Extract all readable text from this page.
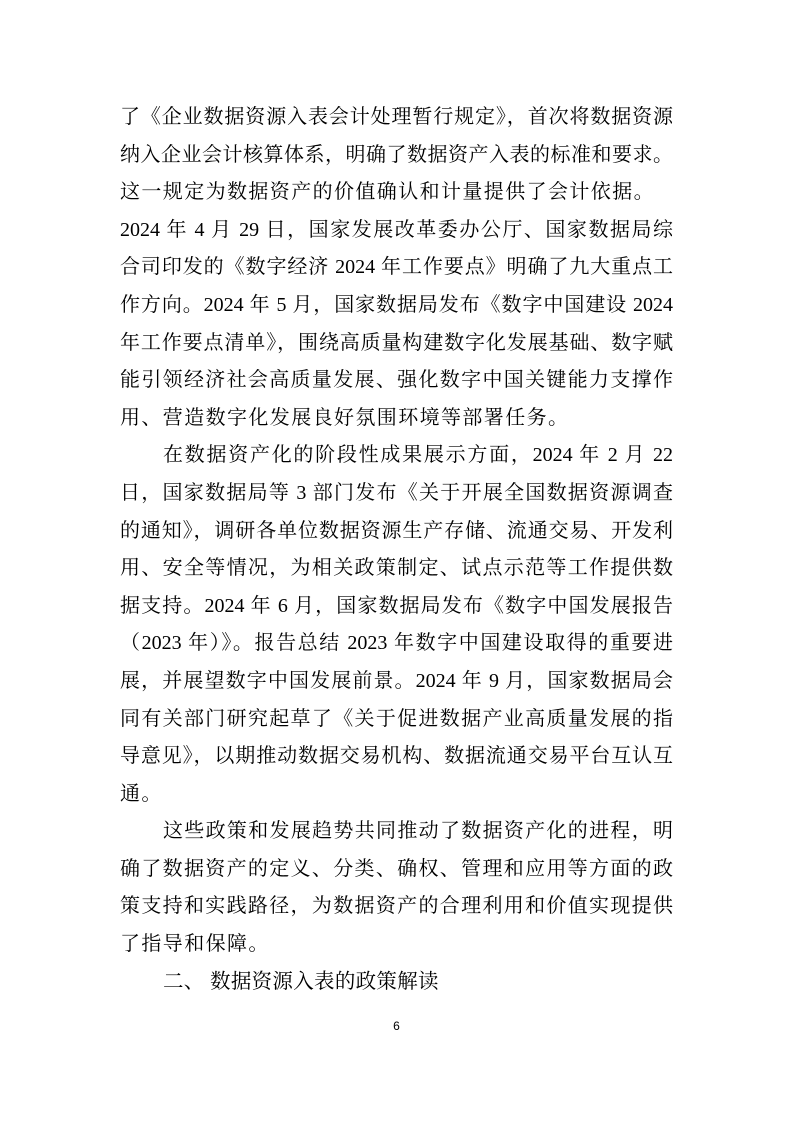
了《企业数据资源入表会计处理暂行规定》，首次将数据资源
纳入企业会计核算体系，明确了数据资产入表的标准和要求。
这一规定为数据资产的价值确认和计量提供了会计依据。
2024 年 4 月 29 日，国家发展改革委办公厅、国家数据局综
合司印发的《数字经济 2024 年工作要点》明确了九大重点工
作方向。2024 年 5 月，国家数据局发布《数字中国建设 2024
年工作要点清单》，围绕高质量构建数字化发展基础、数字赋
能引领经济社会高质量发展、强化数字中国关键能力支撑作
用、营造数字化发展良好氛围环境等部署任务。
在数据资产化的阶段性成果展示方面，2024 年 2 月 22
日，国家数据局等 3 部门发布《关于开展全国数据资源调查
的通知》，调研各单位数据资源生产存储、流通交易、开发利
用、安全等情况，为相关政策制定、试点示范等工作提供数
据支持。2024 年 6 月，国家数据局发布《数字中国发展报告
（2023 年）》。报告总结 2023 年数字中国建设取得的重要进
展，并展望数字中国发展前景。2024 年 9 月，国家数据局会
同有关部门研究起草了《关于促进数据产业高质量发展的指
导意见》，以期推动数据交易机构、数据流通交易平台互认互
通。
这些政策和发展趋势共同推动了数据资产化的进程，明
确了数据资产的定义、分类、确权、管理和应用等方面的政
策支持和实践路径，为数据资产的合理利用和价值实现提供
了指导和保障。
二、 数据资源入表的政策解读
6
